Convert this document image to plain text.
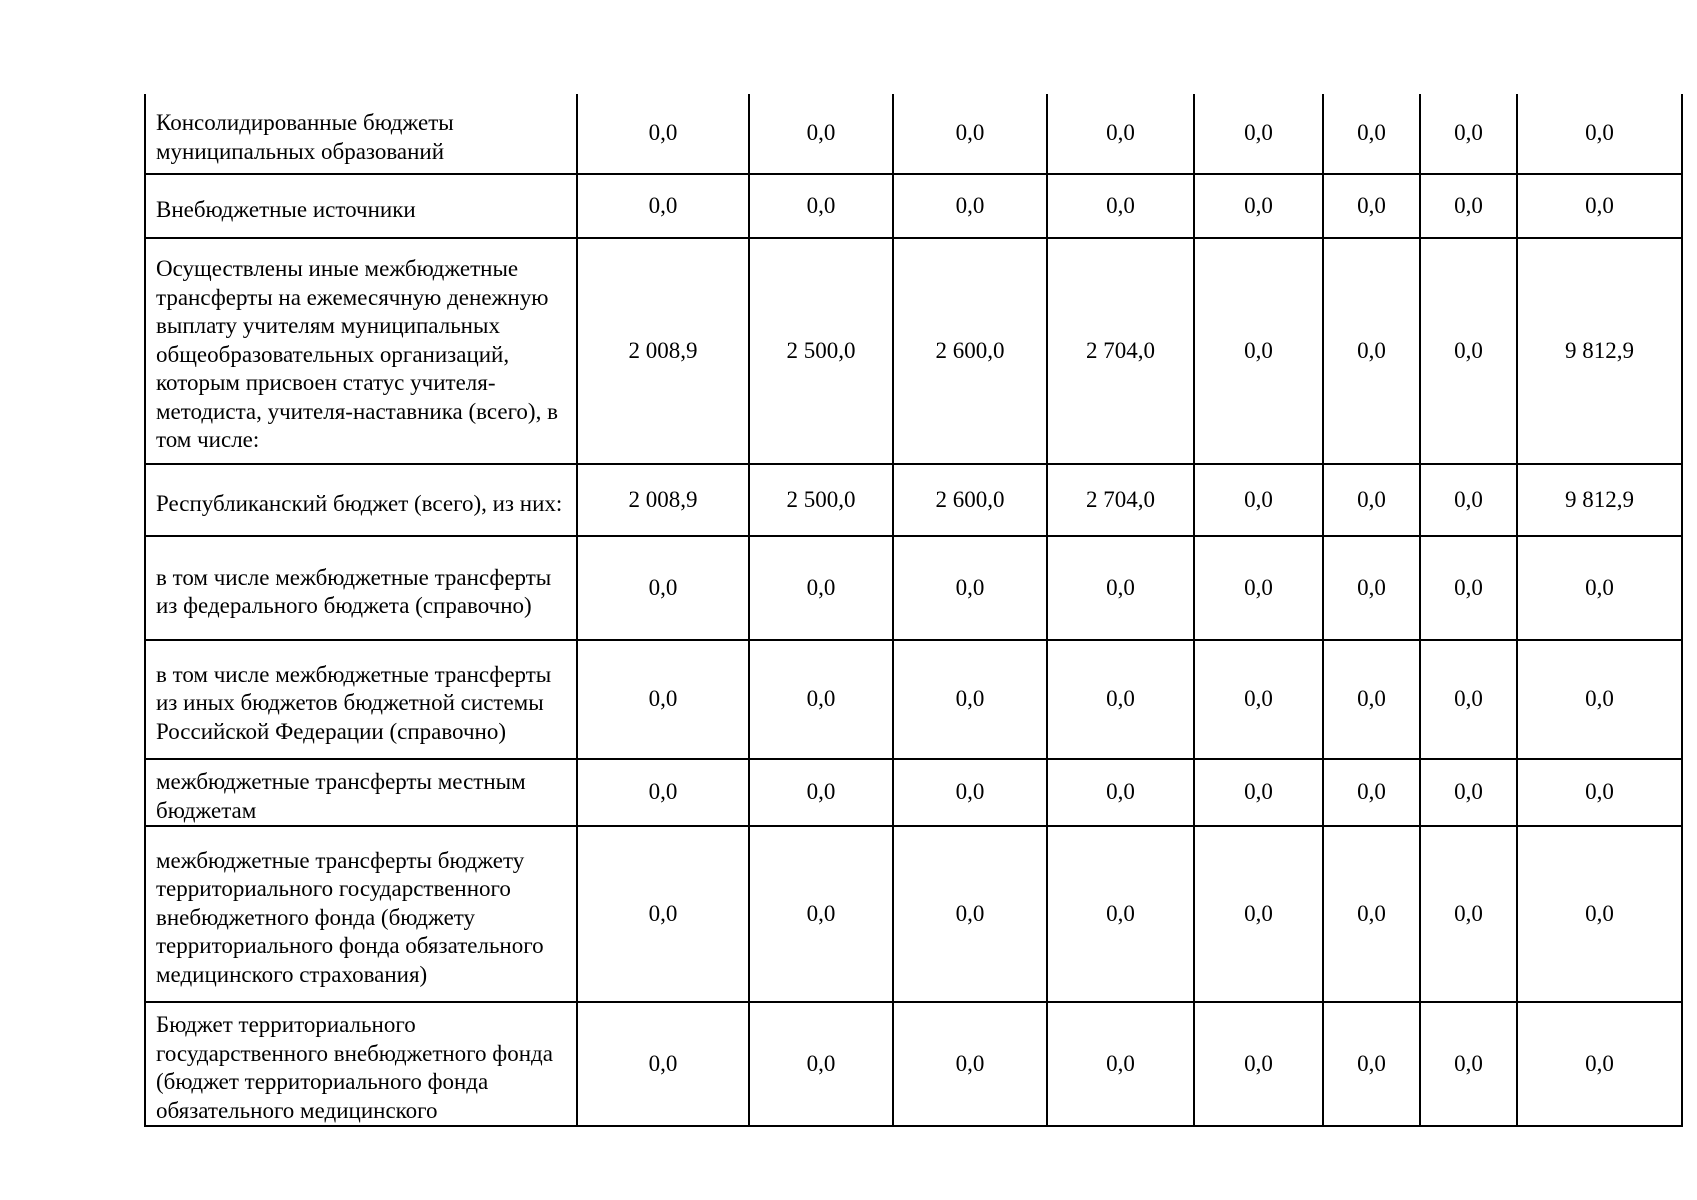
Консолидированные бюджеты муниципальных образований	0,0	0,0	0,0	0,0	0,0	0,0	0,0	0,0
Внебюджетные источники	0,0	0,0	0,0	0,0	0,0	0,0	0,0	0,0
Осуществлены иные межбюджетные трансферты на ежемесячную денежную выплату учителям муниципальных общеобразовательных организаций, которым присвоен статус учителя-методиста, учителя-наставника (всего), в том числе:	2 008,9	2 500,0	2 600,0	2 704,0	0,0	0,0	0,0	9 812,9
Республиканский бюджет (всего), из них:	2 008,9	2 500,0	2 600,0	2 704,0	0,0	0,0	0,0	9 812,9
в том числе межбюджетные трансферты из федерального бюджета (справочно)	0,0	0,0	0,0	0,0	0,0	0,0	0,0	0,0
в том числе межбюджетные трансферты из иных бюджетов бюджетной системы Российской Федерации (справочно)	0,0	0,0	0,0	0,0	0,0	0,0	0,0	0,0
межбюджетные трансферты местным бюджетам	0,0	0,0	0,0	0,0	0,0	0,0	0,0	0,0
межбюджетные трансферты бюджету территориального государственного внебюджетного фонда (бюджету территориального фонда обязательного медицинского страхования)	0,0	0,0	0,0	0,0	0,0	0,0	0,0	0,0
Бюджет территориального государственного внебюджетного фонда (бюджет территориального фонда обязательного медицинского	0,0	0,0	0,0	0,0	0,0	0,0	0,0	0,0
